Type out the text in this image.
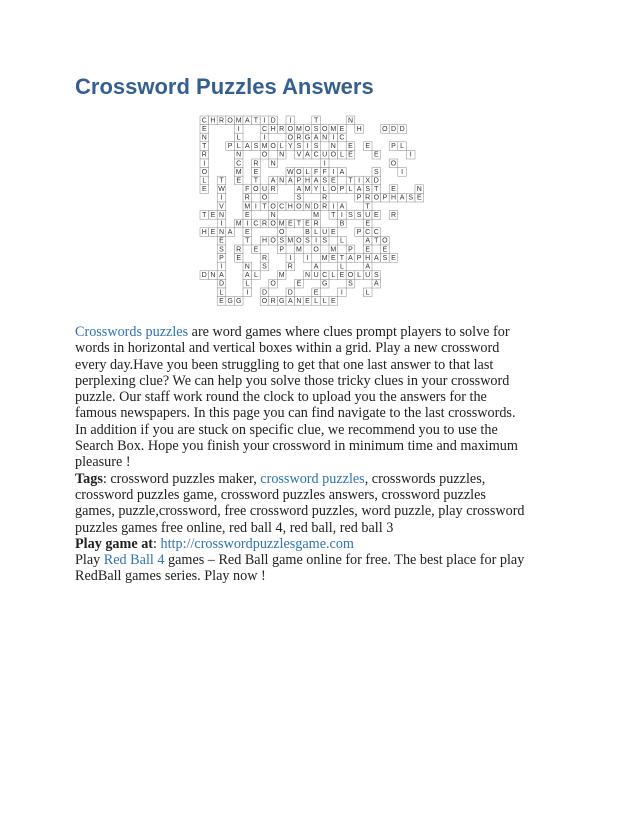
Crossword Puzzles Answers
C H R O M A T I D I	T	N
E	I	C H R O M O S O M E H	O D D
N	L	I	O R G A N I C
T	P L A S M O L Y S I S N E E	P L
R	N	O N V A C U O L E	E	I
I	C R N	I	O
O	M E	W O L F F I A	S	I
L T E T A N A P H A S E T I X D
E W	F O U R	A M Y L O P L A S T E	N
I	R O	S	R	P R O P H A S E
V	M I T O C H O N D R I A	T
T E N	E	N	M T I S S U E R
I M I C R O M E T E R	B	E
H E N A E	O	B L U E	P C C
E	T H O S M O S I S L	A T O
S R E	P M O M P E E
P E	R	I I M E T A P H A S E
I	N S	R	A	L	A
D N A	A L	M	N U C L E O L U S
D	L	O	E	G	S	A
L	I D	D	E	I	L
E G G	O R G A N E L L E
Crosswords puzzles are word games where clues prompt players to solve for
words in horizontal and vertical boxes within a grid. Play a new crossword
every day.Have you been struggling to get that one last answer to that last
perplexing clue? We can help you solve those tricky clues in your crossword
puzzle. Our staff work round the clock to upload you the answers for the
famous newspapers. In this page you can find navigate to the last crosswords.
In addition if you are stuck on specific clue, we recommend you to use the
Search Box. Hope you finish your crossword in minimum time and maximum
pleasure !
Tags: crossword puzzles maker, crossword puzzles, crosswords puzzles,
crossword puzzles game, crossword puzzles answers, crossword puzzles
games, puzzle,crossword, free crossword puzzles, word puzzle, play crossword
puzzles games free online, red ball 4, red ball, red ball 3
Play game at: http://crosswordpuzzlesgame.com
Play Red Ball 4 games – Red Ball game online for free. The best place for play
RedBall games series. Play now !
